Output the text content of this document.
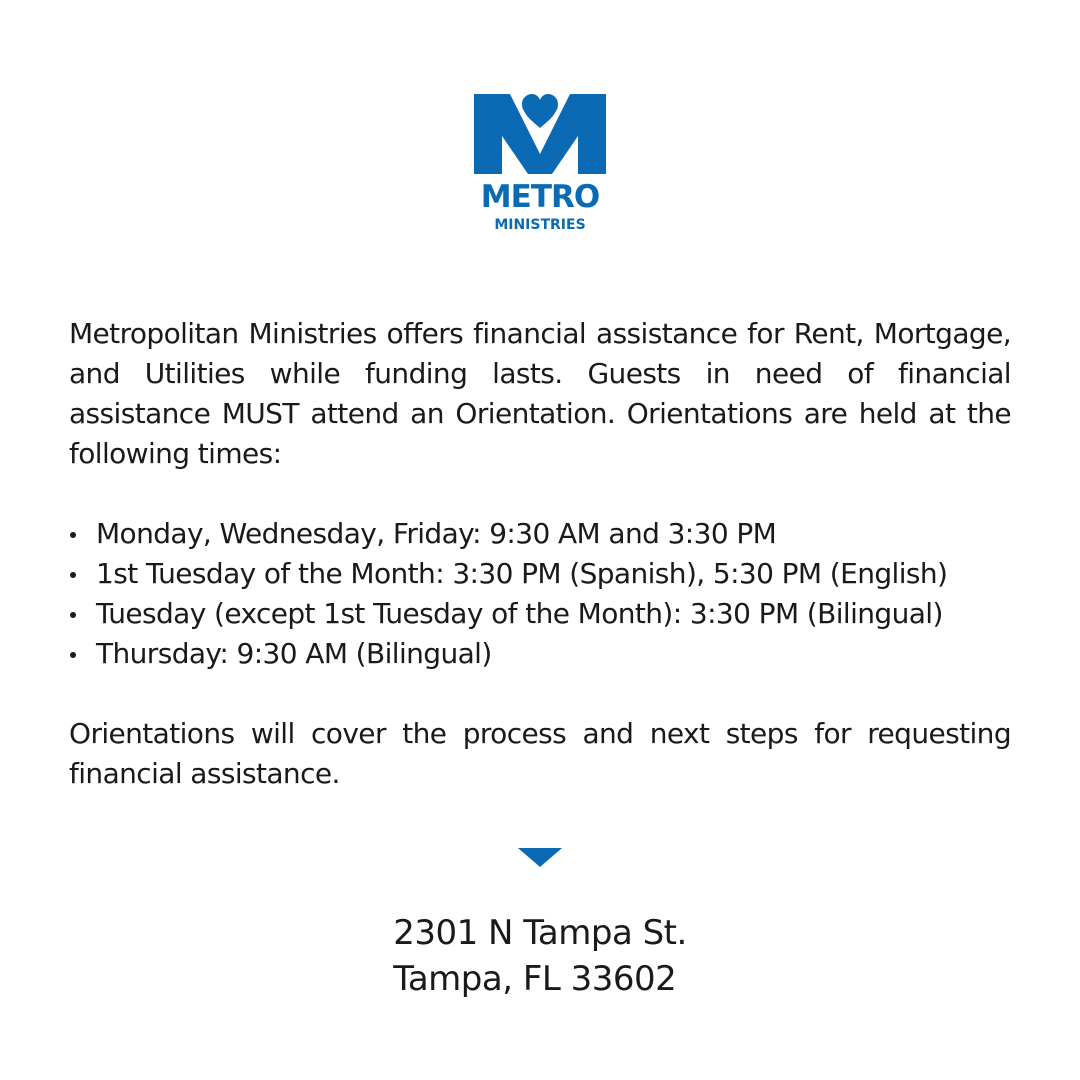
METRO
MINISTRIES

Metropolitan Ministries offers financial assistance for Rent, Mortgage, and Utilities while funding lasts. Guests in need of financial assistance MUST attend an Orientation. Orientations are held at the following times:

Monday, Wednesday, Friday: 9:30 AM and 3:30 PM
1st Tuesday of the Month: 3:30 PM (Spanish), 5:30 PM (English)
Tuesday (except 1st Tuesday of the Month): 3:30 PM (Bilingual)
Thursday: 9:30 AM (Bilingual)

Orientations will cover the process and next steps for requesting financial assistance.

2301 N Tampa St.
Tampa, FL 33602
